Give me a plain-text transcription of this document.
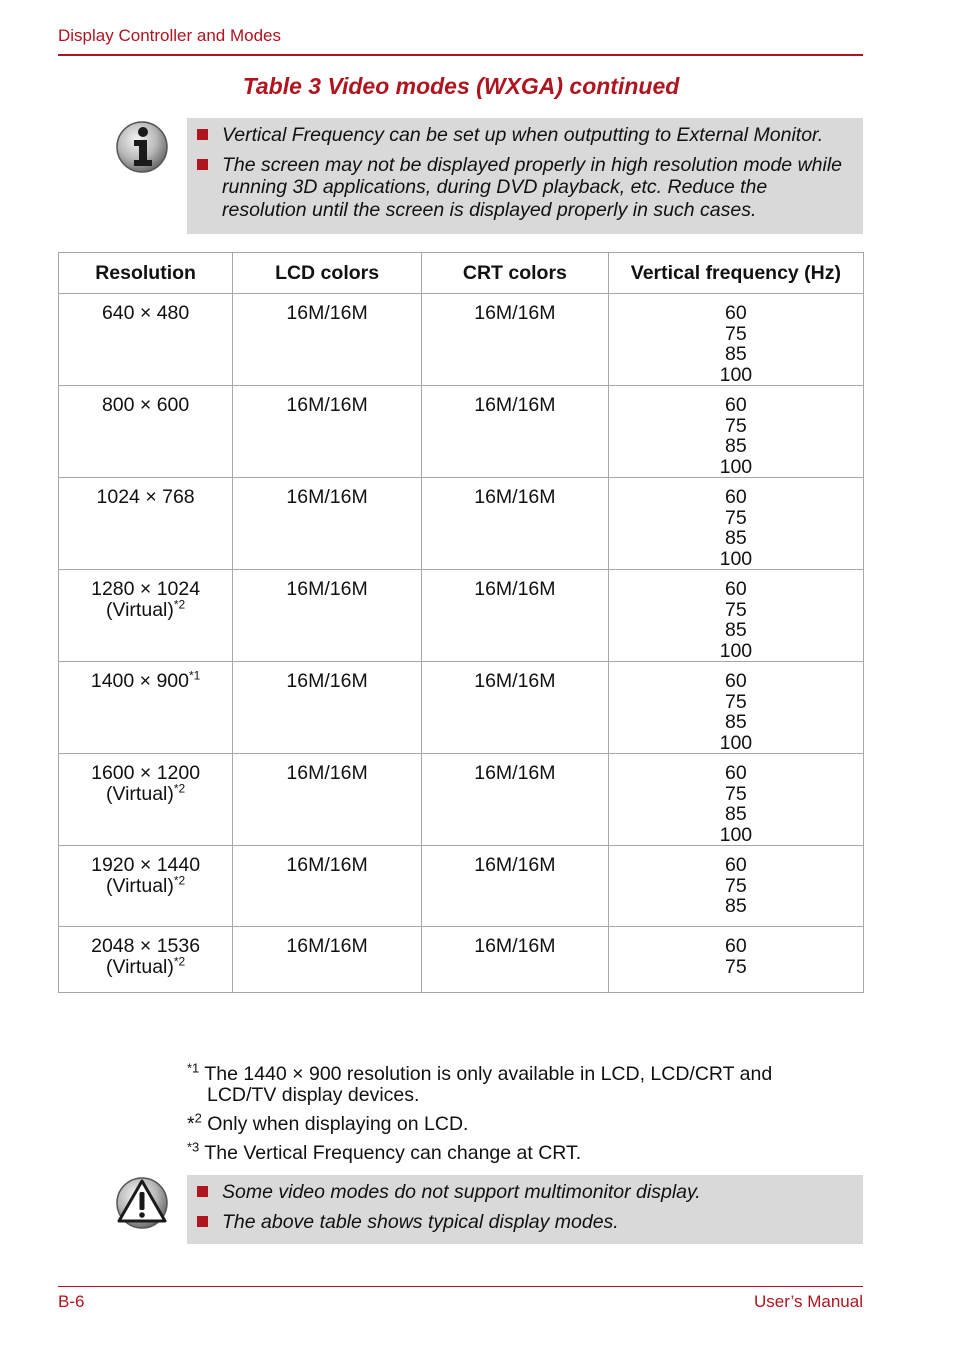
Display Controller and Modes
Table 3 Video modes (WXGA) continued
Vertical Frequency can be set up when outputting to External Monitor.
The screen may not be displayed properly in high resolution mode while running 3D applications, during DVD playback, etc. Reduce the resolution until the screen is displayed properly in such cases.
Resolution	LCD colors	CRT colors	Vertical frequency (Hz)

640 × 480	16M/16M	16M/16M	60
75
85
100

800 × 600	16M/16M	16M/16M	60
75
85
100

1024 × 768	16M/16M	16M/16M	60
75
85
100

1280 × 1024
(Virtual)$^{*2}$	16M/16M	16M/16M	60
75
85
100

$1400 \times 900^{*1}$	16M/16M	16M/16M	60
75
85
100

1600 × 1200
(Virtual)$^{*2}$	16M/16M	16M/16M	60
75
85
100

1920 × 1440
(Virtual)$^{*2}$	16M/16M	16M/16M	60
75
85

2048 × 1536
(Virtual)$^{*2}$	16M/16M	16M/16M	60
75
$^{*1}$ The 1440 × 900 resolution is only available in LCD, LCD/CRT and
LCD/TV display devices.
*$^2$ Only when displaying on LCD.
$^{*3}$ The Vertical Frequency can change at CRT.
Some video modes do not support multimonitor display.
The above table shows typical display modes.
B-6	User’s Manual
